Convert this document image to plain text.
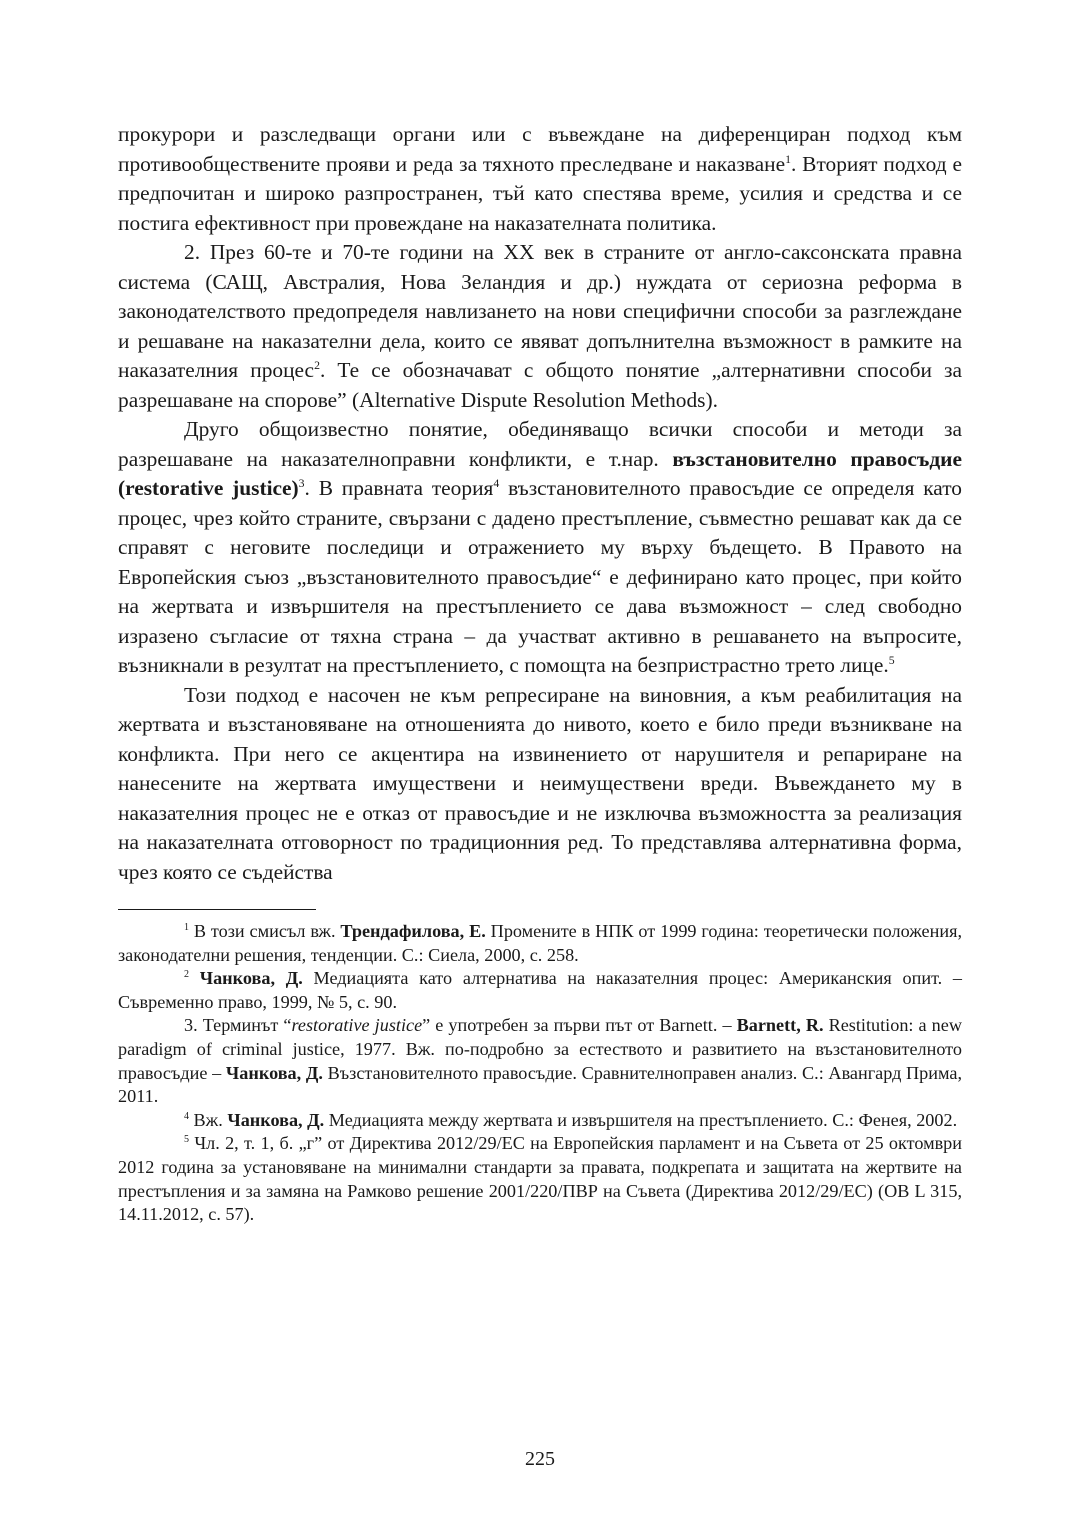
прокурори и разследващи органи или с въвеждане на диференциран подход към противообществените прояви и реда за тяхното преследване и наказване$^1$. Вторият подход е предпочитан и широко разпространен, тъй като спестява време, усилия и средства и се постига ефективност при провеждане на наказателната политика.

2. През 60-те и 70-те години на ХХ век в страните от англо-саксонската правна система (САЩ, Австралия, Нова Зеландия и др.) нуждата от сериозна реформа в законодателството предопределя навлизането на нови специфични способи за разглеждане и решаване на наказателни дела, които се явяват допълнителна възможност в рамките на наказателния процес$^2$. Те се обозначават с общото понятие „алтернативни способи за разрешаване на спорове” (Alternative Dispute Resolution Methods).

Друго общоизвестно понятие, обединяващо всички способи и методи за разрешаване на наказателноправни конфликти, е т.нар. възстановително правосъдие (restorative justice)$^3$. В правната теория$^4$ възстановителното правосъдие се определя като процес, чрез който страните, свързани с дадено престъпление, съвместно решават как да се справят с неговите последици и отражението му върху бъдещето. В Правото на Европейския съюз „възстановителното правосъдие“ е дефинирано като процес, при който на жертвата и извършителя на престъплението се дава възможност – след свободно изразено съгласие от тяхна страна – да участват активно в решаването на въпросите, възникнали в резултат на престъплението, с помощта на безпристрастно трето лице.$^5$

Този подход е насочен не към репресиране на виновния, а към реабилитация на жертвата и възстановяване на отношенията до нивото, което е било преди възникване на конфликта. При него се акцентира на извинението от нарушителя и репариране на нанесените на жертвата имуществени и неимуществени вреди. Въвеждането му в наказателния процес не е отказ от правосъдие и не изключва възможността за реализация на наказателната отговорност по традиционния ред. То представлява алтернативна форма, чрез която се съдейства

$^1$ В този смисъл вж. Трендафилова, Е. Промените в НПК от 1999 година: теоретически положения, законодателни решения, тенденции. С.: Сиела, 2000, с. 258.

$^2$ Чанкова, Д. Медиацията като алтернатива на наказателния процес: Американския опит. – Съвременно право, 1999, № 5, с. 90.

3. Терминът “restorative justice” е употребен за първи път от Barnett. – Barnett, R. Restitution: a new paradigm of criminal justice, 1977. Вж. по-подробно за естеството и развитието на възстановителното правосъдие – Чанкова, Д. Възстановителното правосъдие. Сравнителноправен анализ. С.: Авангард Прима, 2011.

$^4$ Вж. Чанкова, Д. Медиацията между жертвата и извършителя на престъплението. С.: Фенея, 2002.

$^5$ Чл. 2, т. 1, б. „г” от Директива 2012/29/ЕС на Европейския парламент и на Съвета от 25 октомври 2012 година за установяване на минимални стандарти за правата, подкрепата и защитата на жертвите на престъпления и за замяна на Рамково решение 2001/220/ПВР на Съвета (Директива 2012/29/ЕС) (ОВ L 315, 14.11.2012, с. 57).

225
